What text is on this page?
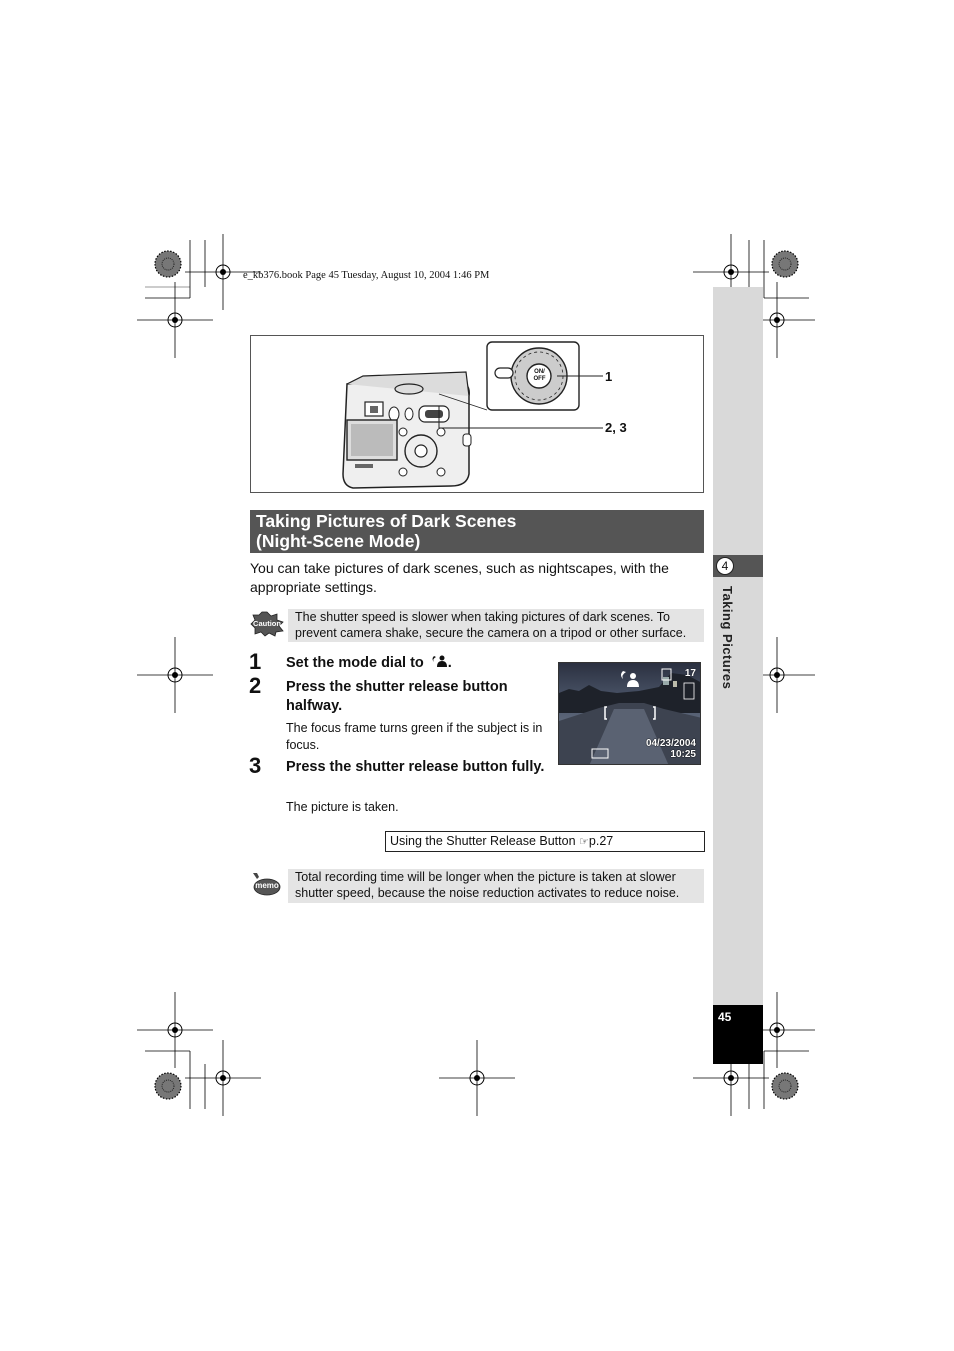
e_kb376.book Page 45 Tuesday, August 10, 2004 1:46 PM
4
Taking Pictures
45
ON/ OFF	1
2, 3
Taking Pictures of Dark Scenes
(Night-Scene Mode)
You can take pictures of dark scenes, such as nightscapes, with the appropriate settings.
Caution	The shutter speed is slower when taking pictures of dark scenes. To prevent camera shake, secure the camera on a tripod or other surface.
1 Set the mode dial to .
2 Press the shutter release button halfway.
The focus frame turns green if the subject is in focus.
3 Press the shutter release button fully.
The picture is taken.
17
04/23/2004
10:25
Using the Shutter Release Button ☞p.27
memo
Total recording time will be longer when the picture is taken at slower shutter speed, because the noise reduction activates to reduce noise.
